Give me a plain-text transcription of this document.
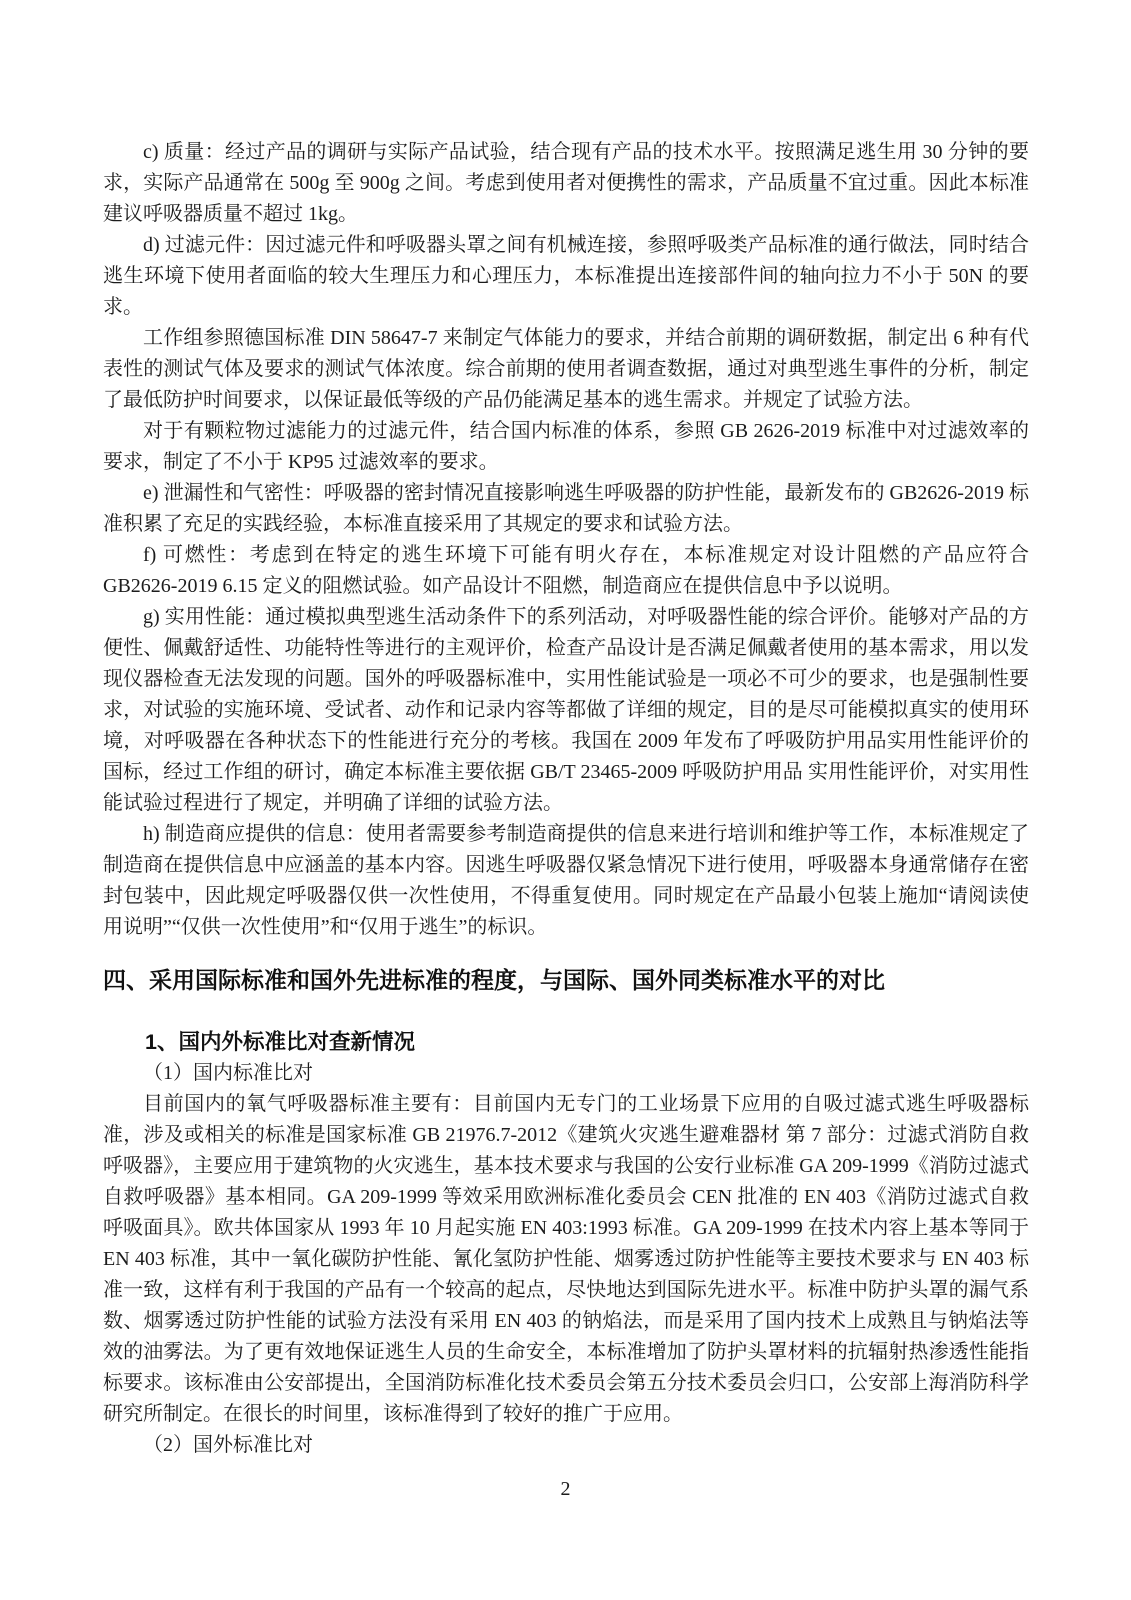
c) 质量：经过产品的调研与实际产品试验，结合现有产品的技术水平。按照满足逃生用 30 分钟的要求，实际产品通常在 500g 至 900g 之间。考虑到使用者对便携性的需求，产品质量不宜过重。因此本标准建议呼吸器质量不超过 1kg。

d) 过滤元件：因过滤元件和呼吸器头罩之间有机械连接，参照呼吸类产品标准的通行做法，同时结合逃生环境下使用者面临的较大生理压力和心理压力，本标准提出连接部件间的轴向拉力不小于 50N 的要求。

工作组参照德国标准 DIN 58647-7 来制定气体能力的要求，并结合前期的调研数据，制定出 6 种有代表性的测试气体及要求的测试气体浓度。综合前期的使用者调查数据，通过对典型逃生事件的分析，制定了最低防护时间要求，以保证最低等级的产品仍能满足基本的逃生需求。并规定了试验方法。

对于有颗粒物过滤能力的过滤元件，结合国内标准的体系，参照 GB 2626-2019 标准中对过滤效率的要求，制定了不小于 KP95 过滤效率的要求。

e) 泄漏性和气密性：呼吸器的密封情况直接影响逃生呼吸器的防护性能，最新发布的 GB2626-2019 标准积累了充足的实践经验，本标准直接采用了其规定的要求和试验方法。

f) 可燃性：考虑到在特定的逃生环境下可能有明火存在，本标准规定对设计阻燃的产品应符合 GB2626-2019 6.15 定义的阻燃试验。如产品设计不阻燃，制造商应在提供信息中予以说明。

g) 实用性能：通过模拟典型逃生活动条件下的系列活动，对呼吸器性能的综合评价。能够对产品的方便性、佩戴舒适性、功能特性等进行的主观评价，检查产品设计是否满足佩戴者使用的基本需求，用以发现仪器检查无法发现的问题。国外的呼吸器标准中，实用性能试验是一项必不可少的要求，也是强制性要求，对试验的实施环境、受试者、动作和记录内容等都做了详细的规定，目的是尽可能模拟真实的使用环境，对呼吸器在各种状态下的性能进行充分的考核。我国在 2009 年发布了呼吸防护用品实用性能评价的国标，经过工作组的研讨，确定本标准主要依据 GB/T 23465-2009 呼吸防护用品 实用性能评价，对实用性能试验过程进行了规定，并明确了详细的试验方法。

h) 制造商应提供的信息：使用者需要参考制造商提供的信息来进行培训和维护等工作，本标准规定了制造商在提供信息中应涵盖的基本内容。因逃生呼吸器仅紧急情况下进行使用，呼吸器本身通常储存在密封包装中，因此规定呼吸器仅供一次性使用，不得重复使用。同时规定在产品最小包装上施加“请阅读使用说明”“仅供一次性使用”和“仅用于逃生”的标识。

四、采用国际标准和国外先进标准的程度，与国际、国外同类标准水平的对比
1、国内外标准比对查新情况

（1）国内标准比对

目前国内的氧气呼吸器标准主要有：目前国内无专门的工业场景下应用的自吸过滤式逃生呼吸器标准，涉及或相关的标准是国家标准 GB 21976.7-2012《建筑火灾逃生避难器材 第 7 部分：过滤式消防自救呼吸器》，主要应用于建筑物的火灾逃生，基本技术要求与我国的公安行业标准 GA 209-1999《消防过滤式自救呼吸器》基本相同。GA 209-1999 等效采用欧洲标准化委员会 CEN 批准的 EN 403《消防过滤式自救呼吸面具》。欧共体国家从 1993 年 10 月起实施 EN 403:1993 标准。GA 209-1999 在技术内容上基本等同于 EN 403 标准，其中一氧化碳防护性能、氰化氢防护性能、烟雾透过防护性能等主要技术要求与 EN 403 标准一致，这样有利于我国的产品有一个较高的起点，尽快地达到国际先进水平。标准中防护头罩的漏气系数、烟雾透过防护性能的试验方法没有采用 EN 403 的钠焰法，而是采用了国内技术上成熟且与钠焰法等效的油雾法。为了更有效地保证逃生人员的生命安全，本标准增加了防护头罩材料的抗辐射热渗透性能指标要求。该标准由公安部提出，全国消防标准化技术委员会第五分技术委员会归口，公安部上海消防科学研究所制定。在很长的时间里，该标准得到了较好的推广于应用。

（2）国外标准比对

2
